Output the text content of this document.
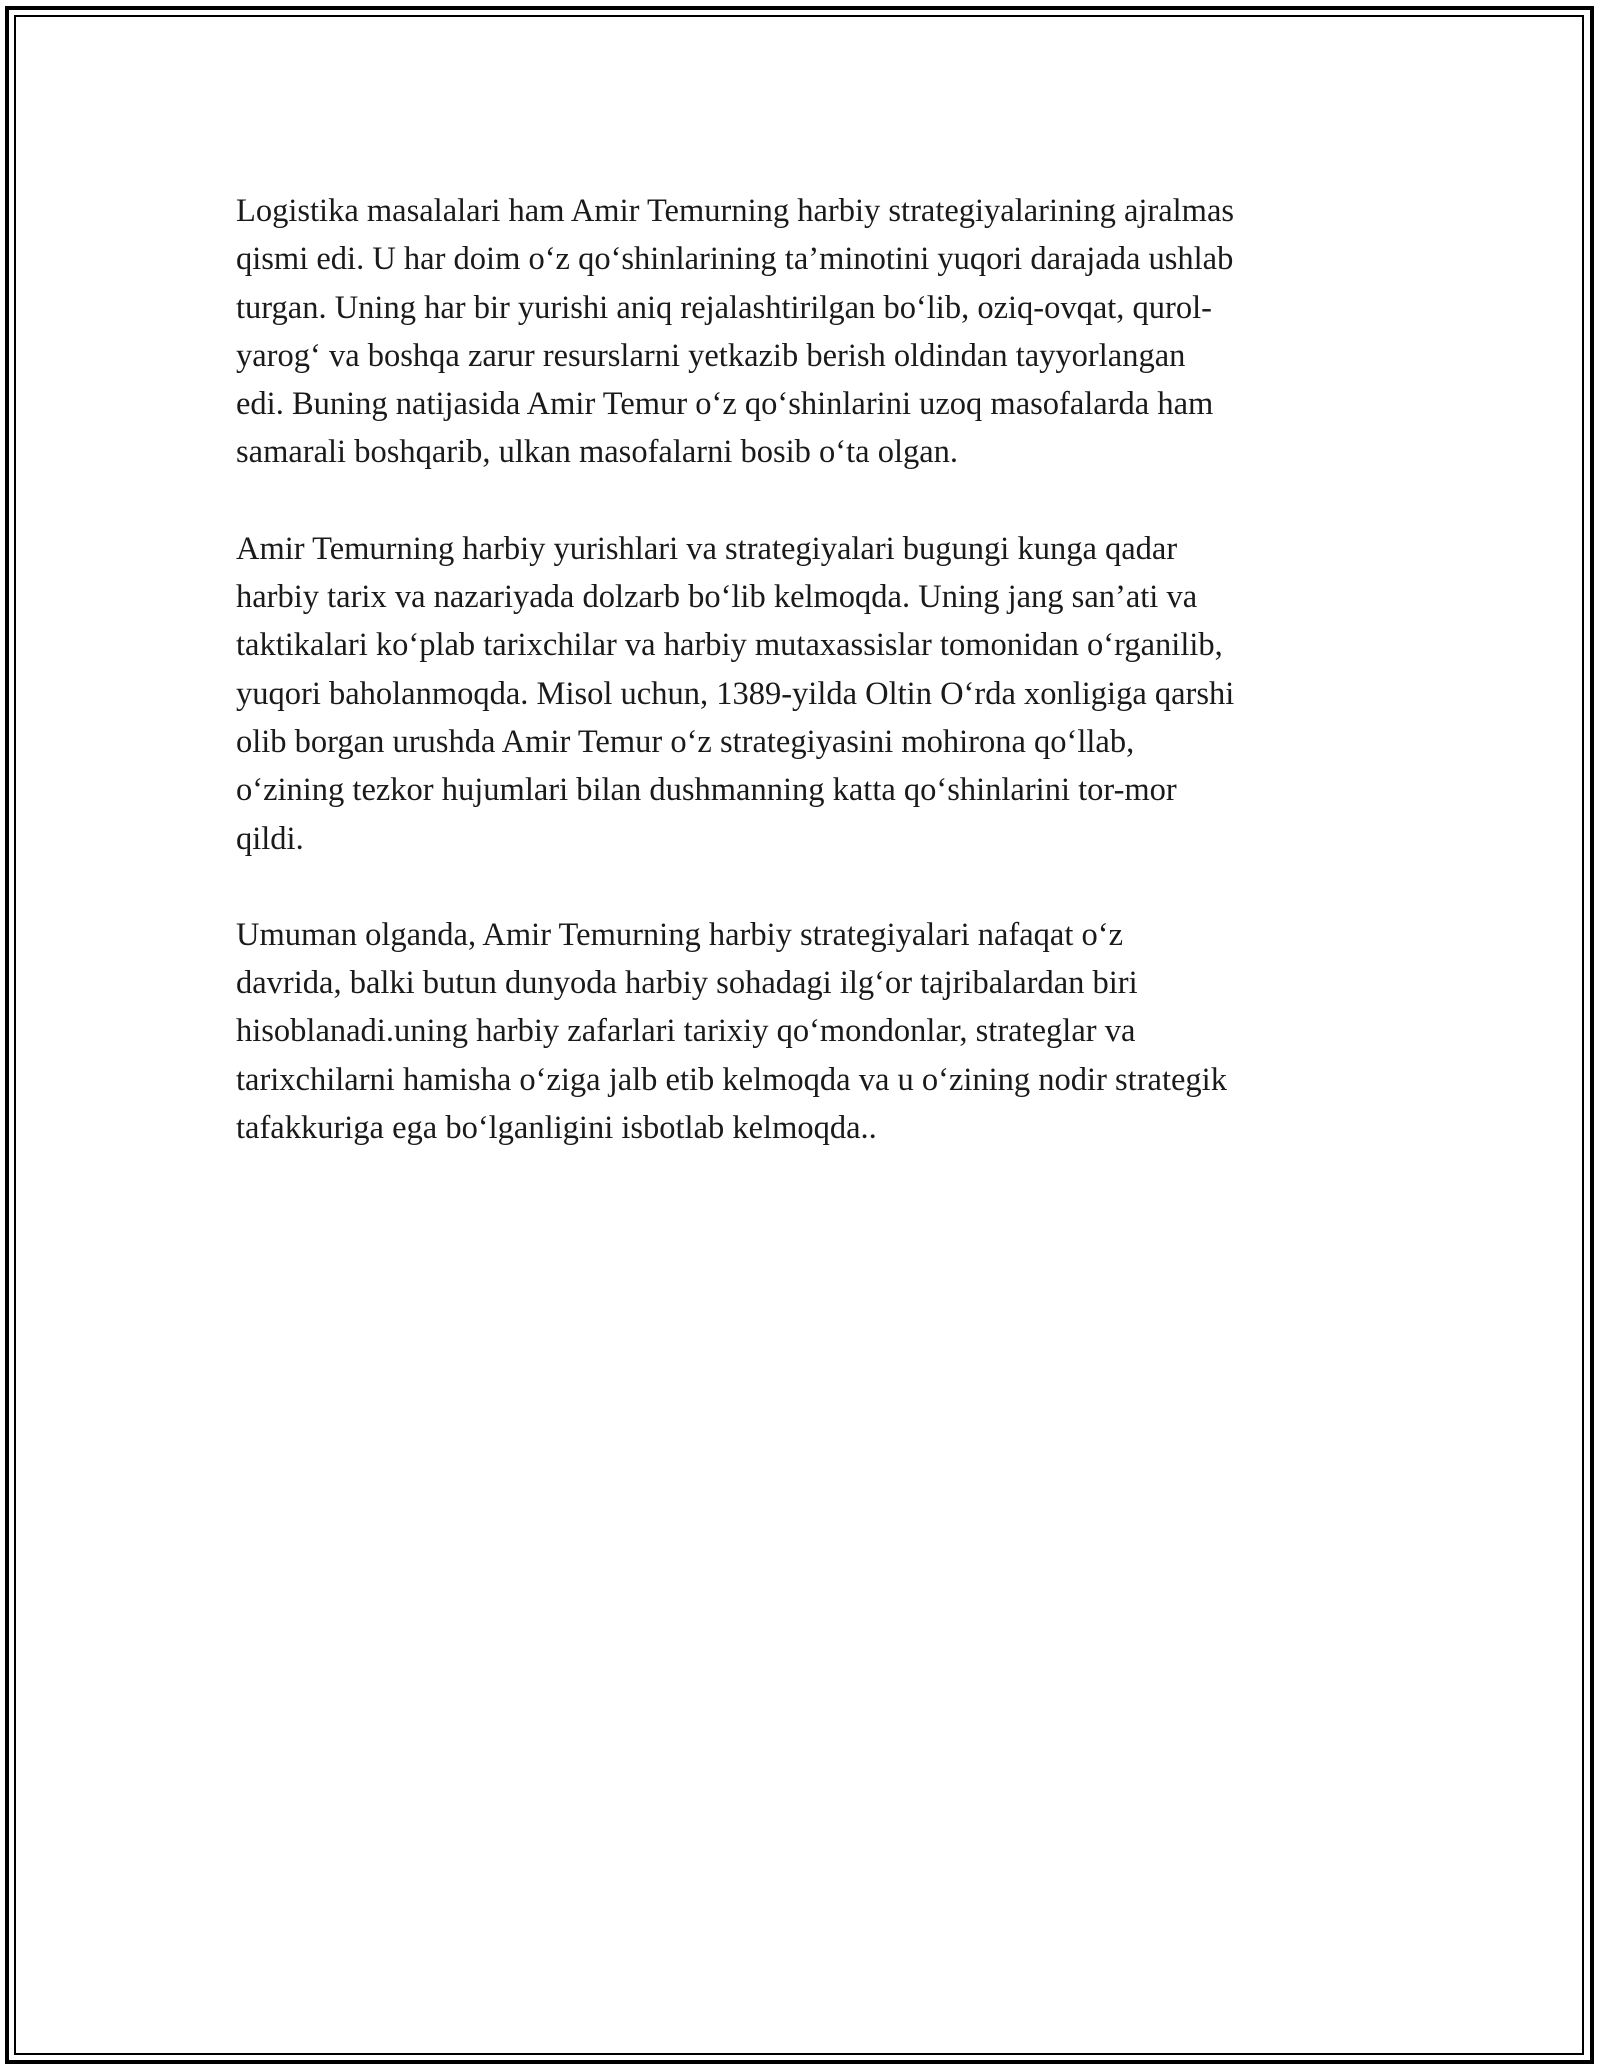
Logistika masalalari ham Amir Temurning harbiy strategiyalarining ajralmas
qismi edi. U har doim o‘z qo‘shinlarining ta’minotini yuqori darajada ushlab
turgan. Uning har bir yurishi aniq rejalashtirilgan bo‘lib, oziq-ovqat, qurol-
yarog‘ va boshqa zarur resurslarni yetkazib berish oldindan tayyorlangan
edi. Buning natijasida Amir Temur o‘z qo‘shinlarini uzoq masofalarda ham
samarali boshqarib, ulkan masofalarni bosib o‘ta olgan.

Amir Temurning harbiy yurishlari va strategiyalari bugungi kunga qadar
harbiy tarix va nazariyada dolzarb bo‘lib kelmoqda. Uning jang san’ati va
taktikalari ko‘plab tarixchilar va harbiy mutaxassislar tomonidan o‘rganilib,
yuqori baholanmoqda. Misol uchun, 1389-yilda Oltin O‘rda xonligiga qarshi
olib borgan urushda Amir Temur o‘z strategiyasini mohirona qo‘llab,
o‘zining tezkor hujumlari bilan dushmanning katta qo‘shinlarini tor-mor
qildi.

Umuman olganda, Amir Temurning harbiy strategiyalari nafaqat o‘z
davrida, balki butun dunyoda harbiy sohadagi ilg‘or tajribalardan biri
hisoblanadi.uning harbiy zafarlari tarixiy qo‘mondonlar, strateglar va
tarixchilarni hamisha o‘ziga jalb etib kelmoqda va u o‘zining nodir strategik
tafakkuriga ega bo‘lganligini isbotlab kelmoqda..
